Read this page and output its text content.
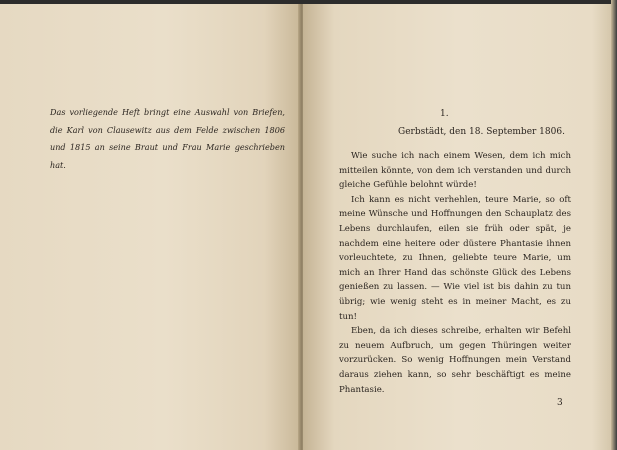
Das vorliegende Heft bringt eine Auswahl von Briefen, die Karl von Clausewitz aus dem Felde zwischen 1806 und 1815 an seine Braut und Frau Marie geschrieben hat.
1.
Gerbstädt, den 18. September 1806.

Wie suche ich nach einem Wesen, dem ich mich mitteilen könnte, von dem ich verstanden und durch gleiche Gefühle belohnt würde!

Ich kann es nicht verhehlen, teure Marie, so oft meine Wünsche und Hoffnungen den Schauplatz des Lebens durchlaufen, eilen sie früh oder spät, je nachdem eine heitere oder düstere Phantasie ihnen vorleuchtete, zu Ihnen, geliebte teure Marie, um mich an Ihrer Hand das schönste Glück des Lebens genießen zu lassen. — Wie viel ist bis dahin zu tun übrig; wie wenig steht es in meiner Macht, es zu tun!

Eben, da ich dieses schreibe, erhalten wir Befehl zu neuem Aufbruch, um gegen Thüringen weiter vorzurücken. So wenig Hoffnungen mein Verstand daraus ziehen kann, so sehr beschäftigt es meine Phantasie.

3
